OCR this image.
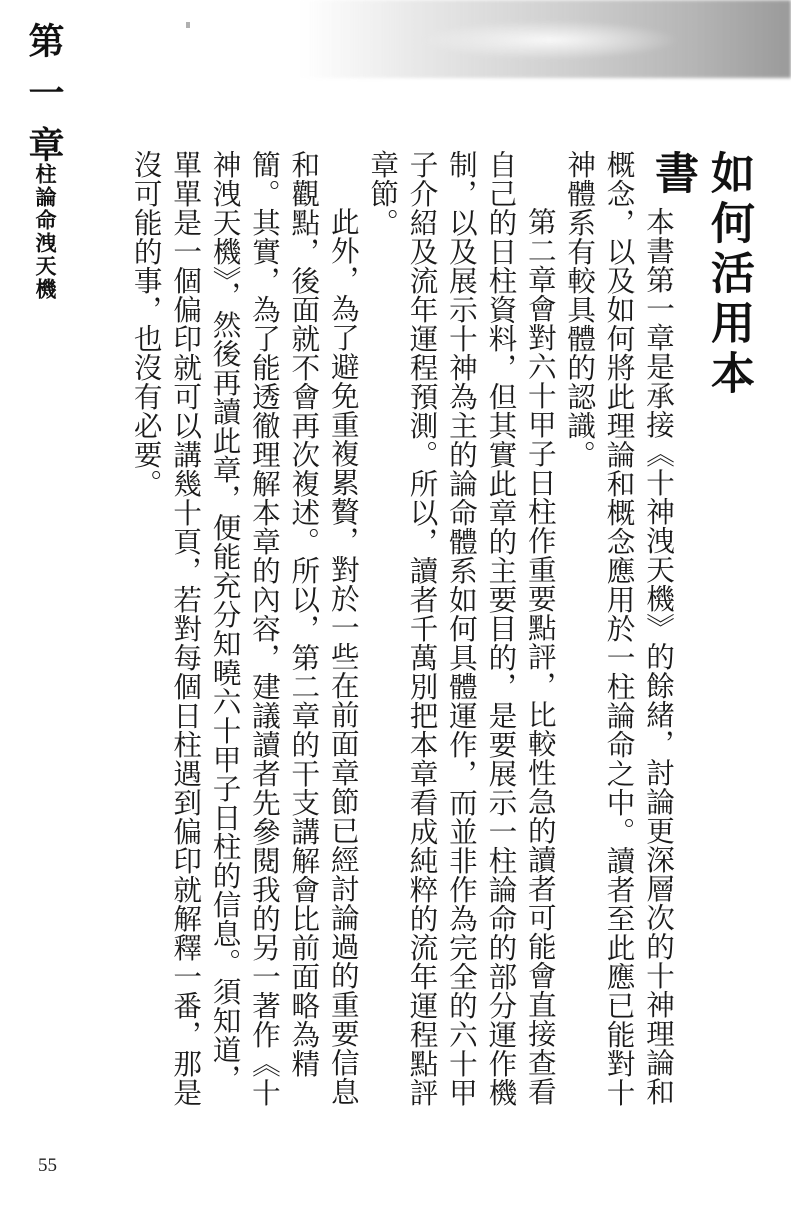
第一章
一柱論命洩天機	如何活用本書

本書第一章是承接《十神洩天機》的餘緒，討論更深層次的十神理論和概念，以及如何將此理論和概念應用於一柱論命之中。讀者至此應已能對十神體系有較具體的認識。

第二章會對六十甲子日柱作重要點評，比較性急的讀者可能會直接查看自己的日柱資料，但其實此章的主要目的，是要展示一柱論命的部分運作機制，以及展示十神為主的論命體系如何具體運作，而並非作為完全的六十甲子介紹及流年運程預測。所以，讀者千萬別把本章看成純粹的流年運程點評章節。

此外，為了避免重複累贅，對於一些在前面章節已經討論過的重要信息和觀點，後面就不會再次複述。所以，第二章的干支講解會比前面略為精簡。其實，為了能透徹理解本章的內容，建議讀者先參閱我的另一著作《十神洩天機》，然後再讀此章，便能充分知曉六十甲子日柱的信息。須知道，單單是一個偏印就可以講幾十頁，若對每個日柱遇到偏印就解釋一番，那是沒可能的事，也沒有必要。

55
